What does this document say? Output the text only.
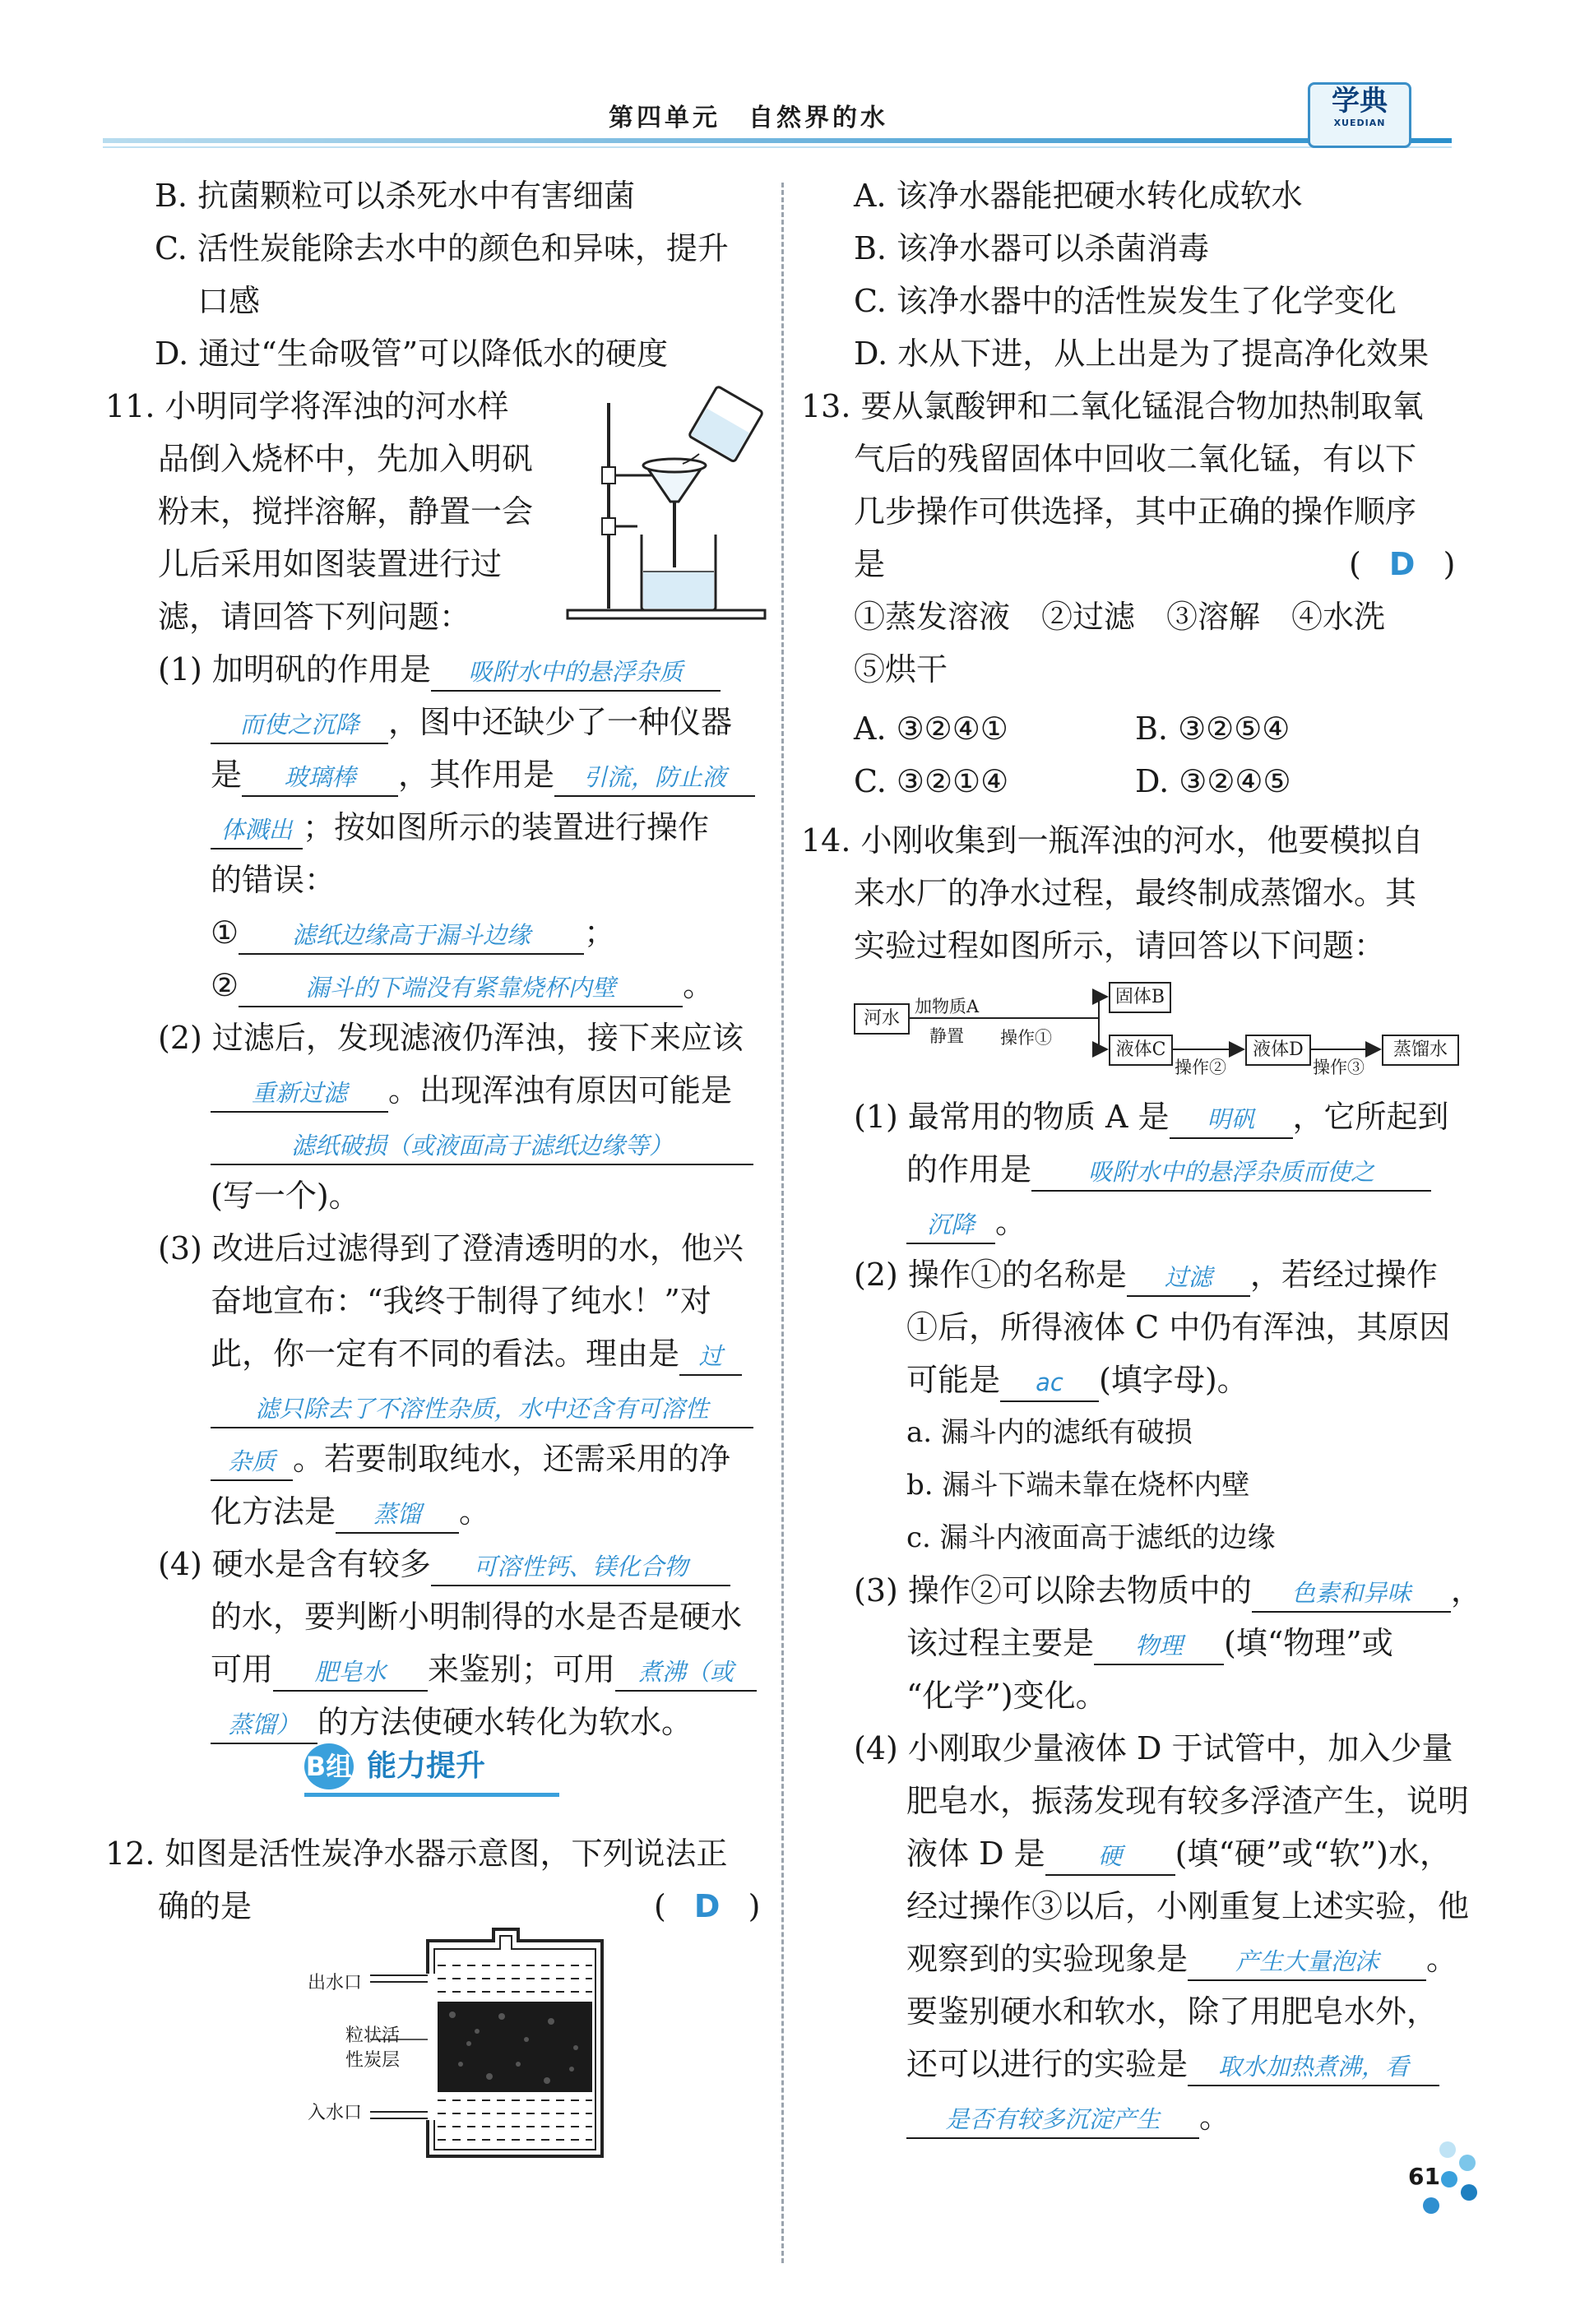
第四单元　自然界的水
学典
XUEDIAN
B. 抗菌颗粒可以杀死水中有害细菌
C. 活性炭能除去水中的颜色和异味，提升
口感
D. 通过“生命吸管”可以降低水的硬度
11. 小明同学将浑浊的河水样
品倒入烧杯中，先加入明矾
粉末，搅拌溶解，静置一会
儿后采用如图装置进行过
滤，请回答下列问题：
(1) 加明矾的作用是 吸附水中的悬浮杂质
而使之沉降 ，图中还缺少了一种仪器
是 玻璃棒 ，其作用是 引流，防止液
体溅出 ；按如图所示的装置进行操作
的错误：
① 滤纸边缘高于漏斗边缘 ；
②	漏斗的下端没有紧靠烧杯内壁 。
(2) 过滤后，发现滤液仍浑浊，接下来应该
重新过滤 。出现浑浊有原因可能是
滤纸破损（或液面高于滤纸边缘等）
(写一个)。
(3) 改进后过滤得到了澄清透明的水，他兴
奋地宣布：“我终于制得了纯水！”对
此，你一定有不同的看法。理由是 过
滤只除去了不溶性杂质，水中还含有可溶性
杂质 。若要制取纯水，还需采用的净
化方法是 蒸馏 。
(4) 硬水是含有较多 可溶性钙、镁化合物
的水，要判断小明制得的水是否是硬水
可用 肥皂水 来鉴别；可用 煮沸（或
蒸馏） 的方法使硬水转化为软水。
B组 能力提升
12. 如图是活性炭净水器示意图，下列说法正
确的是	( D )
出水口
粒状活
性炭层
入水口
A. 该净水器能把硬水转化成软水
B. 该净水器可以杀菌消毒
C. 该净水器中的活性炭发生了化学变化
D. 水从下进，从上出是为了提高净化效果
13. 要从氯酸钾和二氧化锰混合物加热制取氧
气后的残留固体中回收二氧化锰，有以下
几步操作可供选择，其中正确的操作顺序
是	( D )
①蒸发溶液　②过滤　③溶解　④水洗
⑤烘干
A. ③②④①	B. ③②⑤④
C. ③②①④	D. ③②④⑤
14. 小刚收集到一瓶浑浊的河水，他要模拟自
来水厂的净水过程，最终制成蒸馏水。其
实验过程如图所示，请回答以下问题：
河水
加物质A
静置 操作①
固体B
液体C
操作②
液体D
操作③
蒸馏水
(1) 最常用的物质 A 是 明矾 ，它所起到
的作用是 吸附水中的悬浮杂质而使之
沉降 。
(2) 操作①的名称是 过滤 ，若经过操作
①后，所得液体 C 中仍有浑浊，其原因
可能是 ac (填字母)。
a. 漏斗内的滤纸有破损
b. 漏斗下端未靠在烧杯内壁
c. 漏斗内液面高于滤纸的边缘
(3) 操作②可以除去物质中的 色素和异味 ，
该过程主要是 物理 (填“物理”或
“化学”)变化。
(4) 小刚取少量液体 D 于试管中，加入少量
肥皂水，振荡发现有较多浮渣产生，说明
液体 D 是 硬 (填“硬”或“软”)水，
经过操作③以后，小刚重复上述实验，他
观察到的实验现象是 产生大量泡沫 。
要鉴别硬水和软水，除了用肥皂水外，
还可以进行的实验是 取水加热煮沸，看
是否有较多沉淀产生 。
61
